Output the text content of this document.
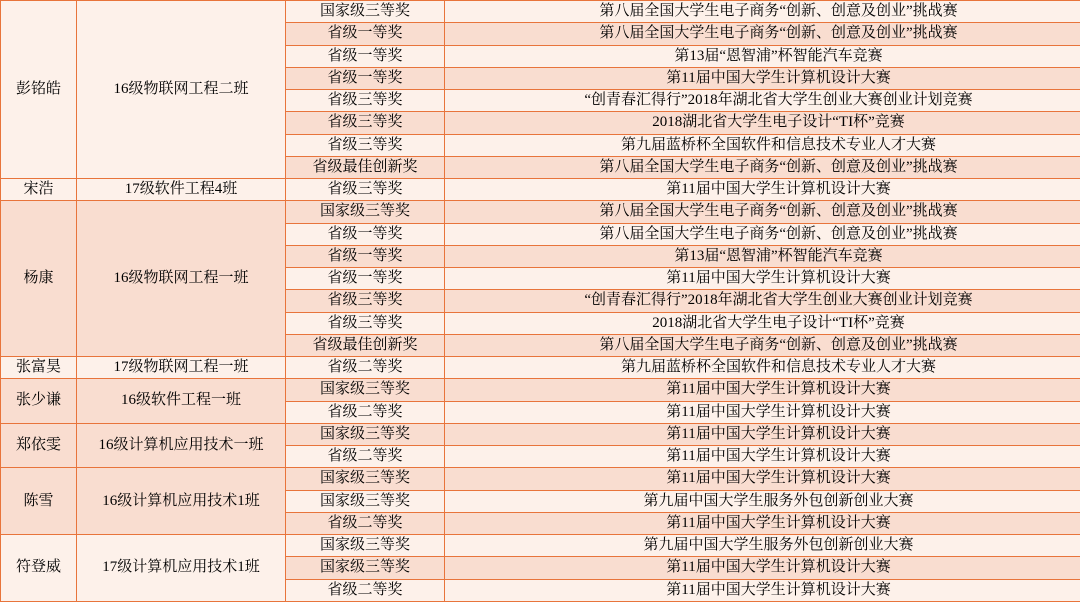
彭铭皓	16级物联网工程二班	国家级三等奖	第八届全国大学生电子商务“创新、创意及创业”挑战赛
		省级一等奖	第八届全国大学生电子商务“创新、创意及创业”挑战赛
		省级一等奖	第13届“恩智浦”杯智能汽车竞赛
		省级一等奖	第11届中国大学生计算机设计大赛
		省级三等奖	“创青春汇得行”2018年湖北省大学生创业大赛创业计划竞赛
		省级三等奖	2018湖北省大学生电子设计“TI杯”竞赛
		省级三等奖	第九届蓝桥杯全国软件和信息技术专业人才大赛
		省级最佳创新奖	第八届全国大学生电子商务“创新、创意及创业”挑战赛
宋浩	17级软件工程4班	省级三等奖	第11届中国大学生计算机设计大赛
杨康	16级物联网工程一班	国家级三等奖	第八届全国大学生电子商务“创新、创意及创业”挑战赛
		省级一等奖	第八届全国大学生电子商务“创新、创意及创业”挑战赛
		省级一等奖	第13届“恩智浦”杯智能汽车竞赛
		省级一等奖	第11届中国大学生计算机设计大赛
		省级三等奖	“创青春汇得行”2018年湖北省大学生创业大赛创业计划竞赛
		省级三等奖	2018湖北省大学生电子设计“TI杯”竞赛
		省级最佳创新奖	第八届全国大学生电子商务“创新、创意及创业”挑战赛
张富昊	17级物联网工程一班	省级二等奖	第九届蓝桥杯全国软件和信息技术专业人才大赛
张少谦	16级软件工程一班	国家级三等奖	第11届中国大学生计算机设计大赛
		省级二等奖	第11届中国大学生计算机设计大赛
郑依雯	16级计算机应用技术一班	国家级三等奖	第11届中国大学生计算机设计大赛
		省级二等奖	第11届中国大学生计算机设计大赛
陈雪	16级计算机应用技术1班	国家级三等奖	第11届中国大学生计算机设计大赛
		国家级三等奖	第九届中国大学生服务外包创新创业大赛
		省级二等奖	第11届中国大学生计算机设计大赛
符登威	17级计算机应用技术1班	国家级三等奖	第九届中国大学生服务外包创新创业大赛
		国家级三等奖	第11届中国大学生计算机设计大赛
		省级二等奖	第11届中国大学生计算机设计大赛
